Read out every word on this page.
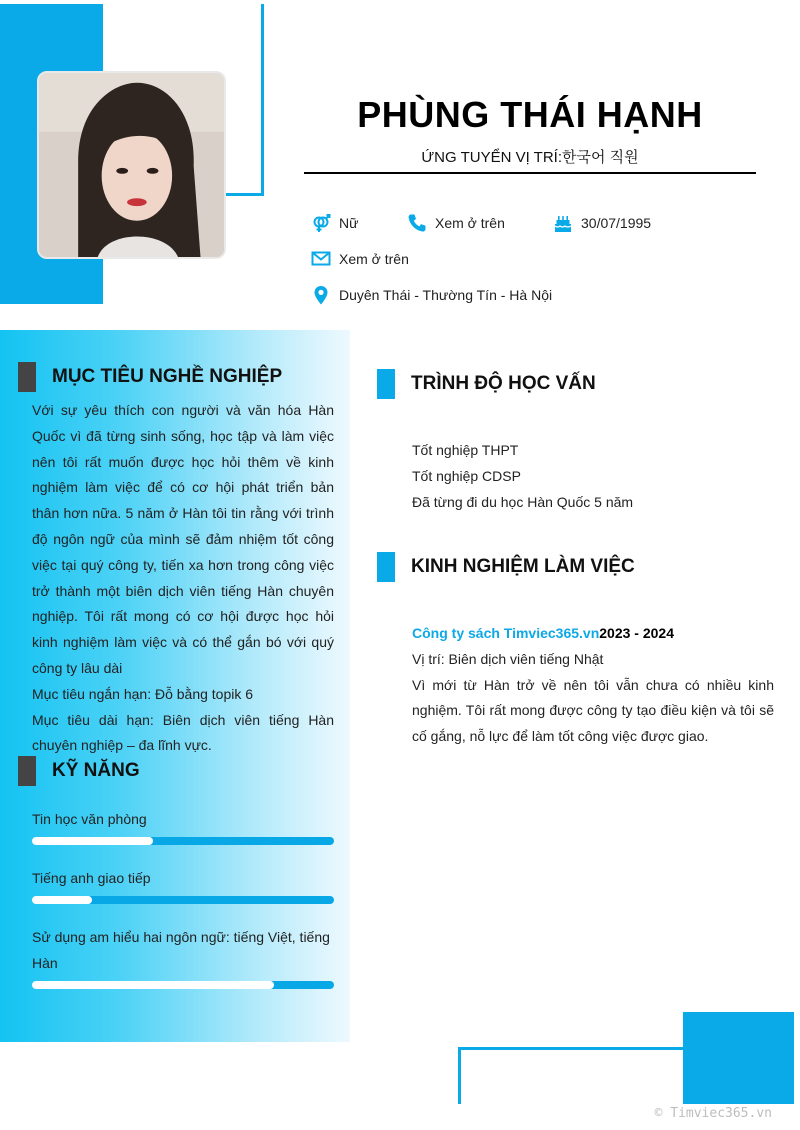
PHÙNG THÁI HẠNH
ỨNG TUYỂN VỊ TRÍ:한국어 직원
Nữ	Xem ở trên	30/07/1995
Xem ở trên
Duyên Thái - Thường Tín - Hà Nội
MỤC TIÊU NGHỀ NGHIỆP

Với sự yêu thích con người và văn hóa Hàn Quốc vì đã từng sinh sống, học tập và làm việc nên tôi rất muốn được học hỏi thêm về kinh nghiệm làm việc để có cơ hội phát triển bản thân hơn nữa. 5 năm ở Hàn tôi tin rằng với trình độ ngôn ngữ của mình sẽ đảm nhiệm tốt công việc tại quý công ty, tiến xa hơn trong công việc trở thành một biên dịch viên tiếng Hàn chuyên nghiệp. Tôi rất mong có cơ hội được học hỏi kinh nghiệm làm việc và có thể gắn bó với quý công ty lâu dài

Mục tiêu ngắn hạn: Đỗ bằng topik 6

Mục tiêu dài hạn: Biên dịch viên tiếng Hàn chuyên nghiệp – đa lĩnh vực.

KỸ NĂNG
Tin học văn phòng
Tiếng anh giao tiếp
Sử dụng am hiểu hai ngôn ngữ: tiếng Việt, tiếng Hàn
TRÌNH ĐỘ HỌC VẤN
Tốt nghiệp THPT
Tốt nghiệp CDSP
Đã từng đi du học Hàn Quốc 5 năm
KINH NGHIỆM LÀM VIỆC
Công ty sách Timviec365.vn2023 - 2024
Vị trí: Biên dịch viên tiếng Nhật
Vì mới từ Hàn trở về nên tôi vẫn chưa có nhiều kinh nghiệm. Tôi rất mong được công ty tạo điều kiện và tôi sẽ cố gắng, nỗ lực để làm tốt công việc được giao.
© Timviec365.vn
